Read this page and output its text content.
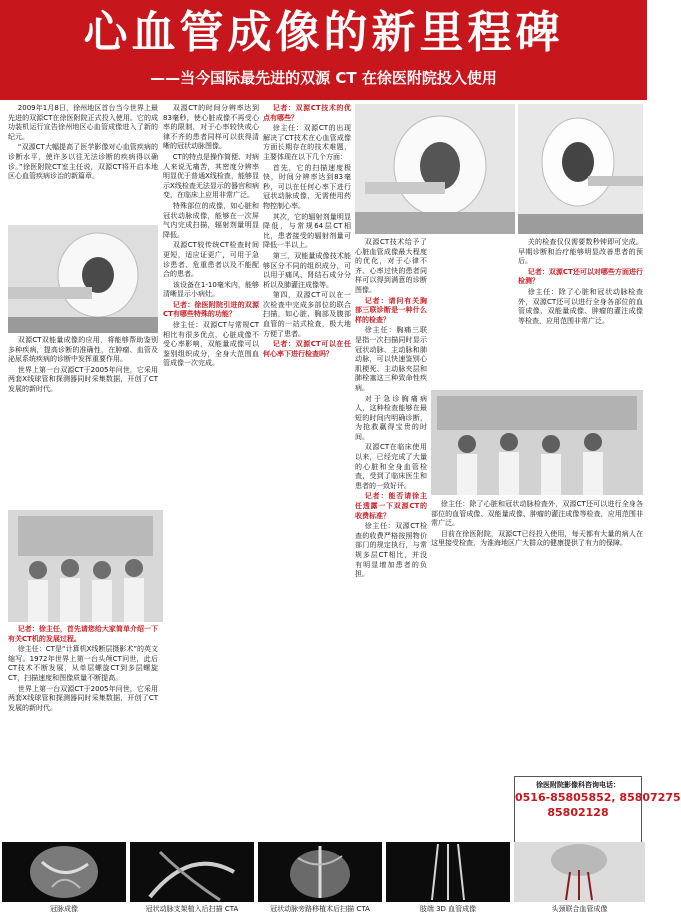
心血管成像的新里程碑
——当今国际最先进的双源 CT 在徐医附院投入使用

2009年1月8日，徐州地区首台当今世界上最先进的双源CT在徐医附院正式投入使用。它的成功装机运行宣告徐州地区心血管成像进入了新的纪元。

“双源CT大幅提高了医学影像对心血管疾病的诊断水平，使许多以往无法诊断的疾病得以确诊。”徐医附院CT室主任说，双源CT将开启本地区心血管疾病诊治的新篇章。

双源CT双能量成像的应用，将能够帮助鉴别多种疾病，提高诊断的准确性，在肿瘤、血管及泌尿系统疾病的诊断中发挥重要作用。

世界上第一台双源CT于2005年问世，它采用两套X线球管和探测器同时采集数据，开创了CT发展的新时代。

记者：徐主任，首先请您给大家简单介绍一下有关CT机的发展过程。

徐主任：CT是“计算机X线断层摄影术”的英文缩写。1972年世界上第一台头颅CT问世，此后CT技术不断发展，从单层螺旋CT到多层螺旋CT，扫描速度和图像质量不断提高。

世界上第一台双源CT于2005年问世，它采用两套X线球管和探测器同时采集数据，开创了CT发展的新时代。

双源CT的时间分辨率达到83毫秒，使心脏成像不再受心率的限制，对于心率较快或心律不齐的患者同样可以获得清晰的冠状动脉图像。

CT的特点是操作简便、对病人来说无痛苦，其密度分辨率明显优于普通X线检查，能够显示X线检查无法显示的器官和病变，在临床上应用非常广泛。

特殊部位的成像，如心脏和冠状动脉成像，能够在一次屏气内完成扫描，辐射剂量明显降低。

双源CT较传统CT检查时间更短，适应证更广，可用于急诊患者、危重患者以及不能配合的患者。

该设备在1-10毫米内，能够清晰显示小病灶。

记者：徐医附院引进的双源CT有哪些特殊的功能？

徐主任：双源CT与常规CT相比有很多优点，心脏成像不受心率影响，双能量成像可以鉴别组织成分，全身大范围血管成像一次完成。

记者：双源CT技术的优点有哪些？

徐主任：双源CT的出现解决了CT技术在心血管成像方面长期存在的技术难题，主要体现在以下几个方面：

首先，它的扫描速度极快，时间分辨率达到83毫秒，可以在任何心率下进行冠状动脉成像，无需使用药物控制心率。

其次，它的辐射剂量明显降低，与常规64层CT相比，患者接受的辐射剂量可降低一半以上。

第三，双能量成像技术能够区分不同的组织成分，可以用于痛风、肾结石成分分析以及肺灌注成像等。

第四，双源CT可以在一次检查中完成多部位的联合扫描，如心脏、胸部及腹部血管的一站式检查，极大地方便了患者。

记者：双源CT可以在任何心率下进行检查吗？

双源CT技术给予了心脏血管成像最大程度的优化，对于心律不齐、心率过快的患者同样可以得到满意的诊断图像。

记者：请问有关胸部三联诊断是一种什么样的检查？

徐主任：胸痛三联是指一次扫描同时显示冠状动脉、主动脉和肺动脉，可以快速鉴别心肌梗死、主动脉夹层和肺栓塞这三种致命性疾病。

对于急诊胸痛病人，这种检查能够在最短的时间内明确诊断，为抢救赢得宝贵的时间。

双源CT在临床使用以来，已经完成了大量的心脏和全身血管检查，受到了临床医生和患者的一致好评。

记者：能否请徐主任透露一下双源CT的收费标准？

徐主任：双源CT检查的收费严格按照物价部门的规定执行，与常规多层CT相比，并没有明显增加患者的负担。

关的检查仅仅需要数秒钟即可完成。早期诊断和治疗能够明显改善患者的预后。

记者：双源CT还可以对哪些方面进行检测？

徐主任：除了心脏和冠状动脉检查外，双源CT还可以进行全身各部位的血管成像、双能量成像、肿瘤的灌注成像等检查，应用范围非常广泛。

徐主任：除了心脏和冠状动脉检查外，双源CT还可以进行全身各部位的血管成像、双能量成像、肿瘤的灌注成像等检查，应用范围非常广泛。

目前在徐医附院，双源CT已经投入使用，每天都有大量的病人在这里接受检查，为淮海地区广大群众的健康提供了有力的保障。

徐医附院影像科咨询电话：
0516-85805852, 85807275
85802128
冠脉成像	冠状动脉支架植入后扫描 CTA	冠状动脉旁路移植术后扫描 CTA	肢端 3D 血管成像	头颈联合血管成像
